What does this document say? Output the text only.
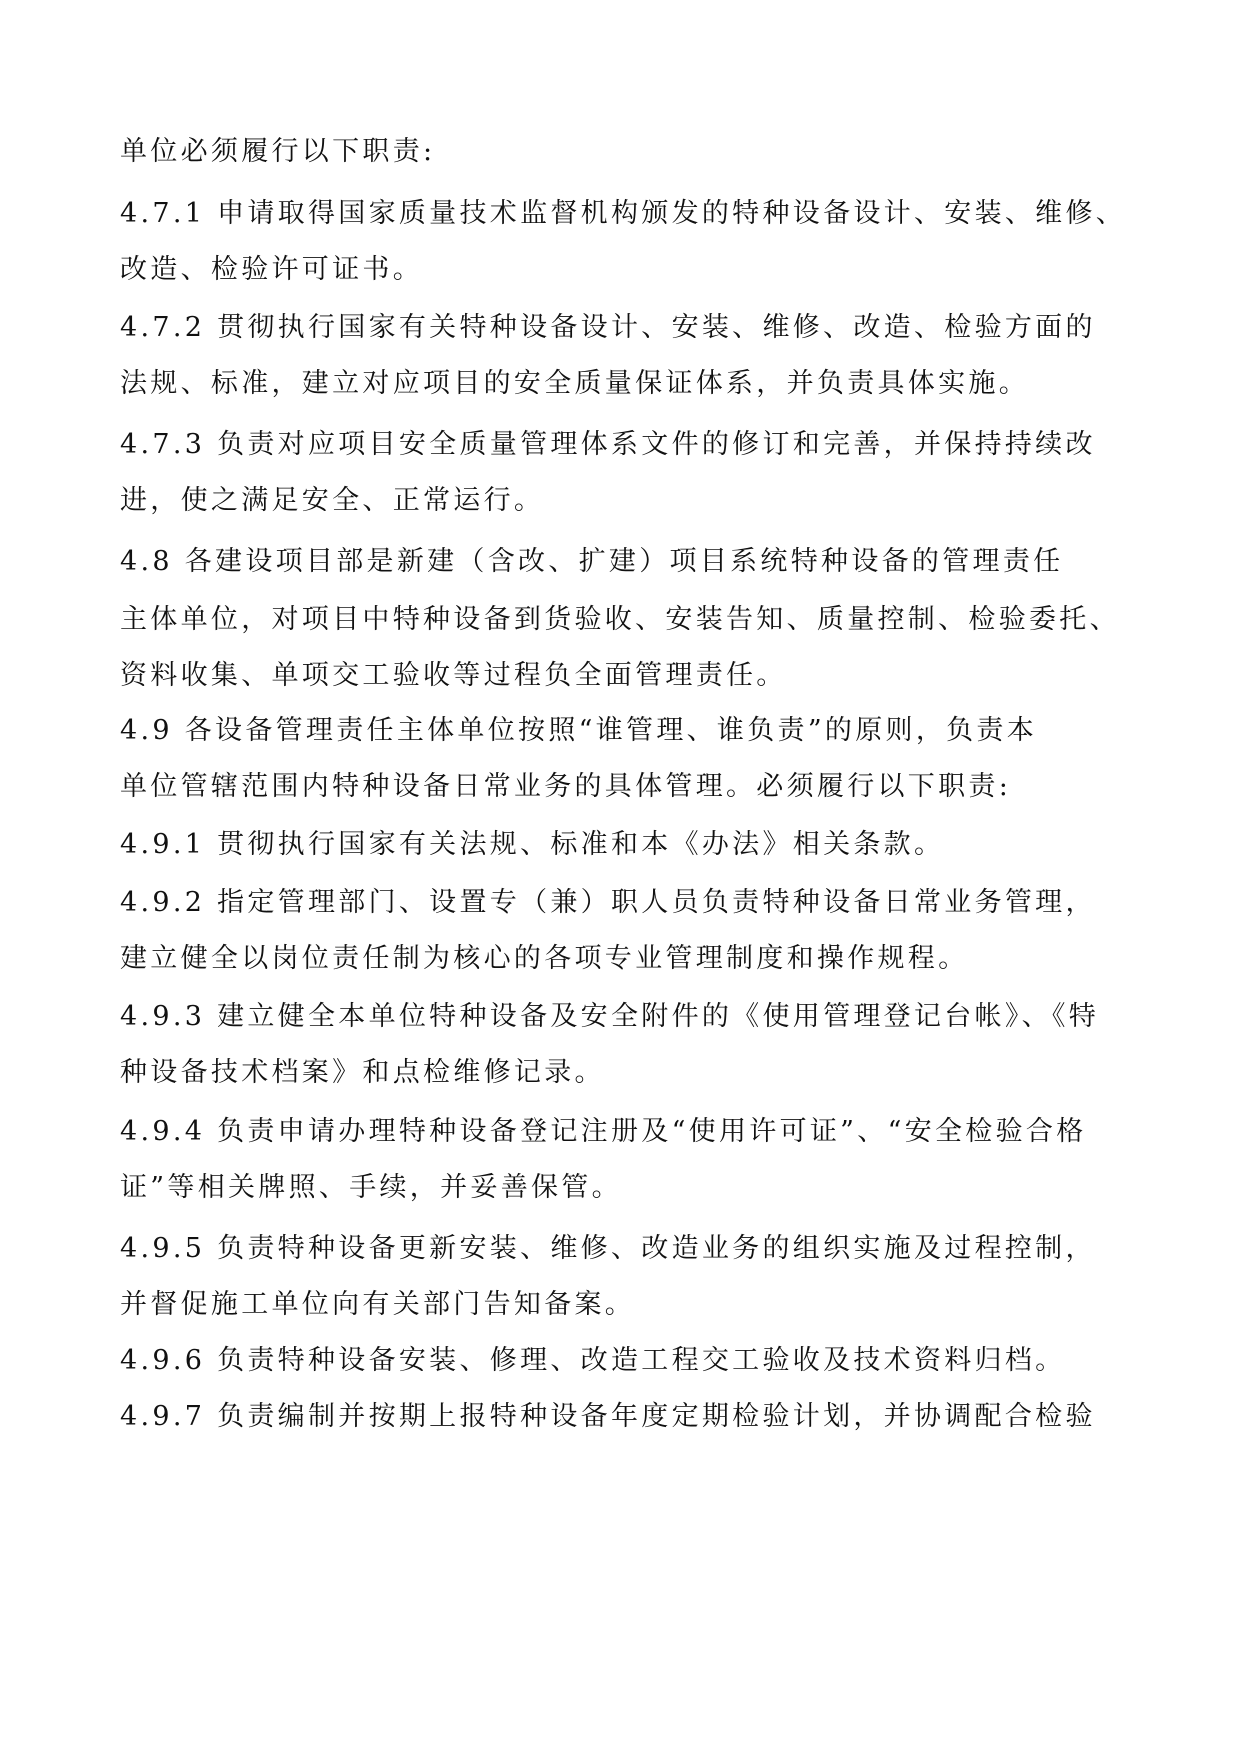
单位必须履行以下职责:
4.7.1 申请取得国家质量技术监督机构颁发的特种设备设计、安装、维修、
改造、检验许可证书。
4.7.2 贯彻执行国家有关特种设备设计、安装、维修、改造、检验方面的
法规、标准，建立对应项目的安全质量保证体系，并负责具体实施。
4.7.3 负责对应项目安全质量管理体系文件的修订和完善，并保持持续改
进，使之满足安全、正常运行。
4.8 各建设项目部是新建（含改、扩建）项目系统特种设备的管理责任
主体单位，对项目中特种设备到货验收、安装告知、质量控制、检验委托、
资料收集、单项交工验收等过程负全面管理责任。
4.9 各设备管理责任主体单位按照“谁管理、谁负责”的原则，负责本
单位管辖范围内特种设备日常业务的具体管理。必须履行以下职责:
4.9.1 贯彻执行国家有关法规、标准和本《办法》相关条款。
4.9.2 指定管理部门、设置专（兼）职人员负责特种设备日常业务管理，
建立健全以岗位责任制为核心的各项专业管理制度和操作规程。
4.9.3 建立健全本单位特种设备及安全附件的《使用管理登记台帐》、《特
种设备技术档案》和点检维修记录。
4.9.4 负责申请办理特种设备登记注册及“使用许可证”、“安全检验合格
证”等相关牌照、手续，并妥善保管。
4.9.5 负责特种设备更新安装、维修、改造业务的组织实施及过程控制，
并督促施工单位向有关部门告知备案。
4.9.6 负责特种设备安装、修理、改造工程交工验收及技术资料归档。
4.9.7 负责编制并按期上报特种设备年度定期检验计划，并协调配合检验
